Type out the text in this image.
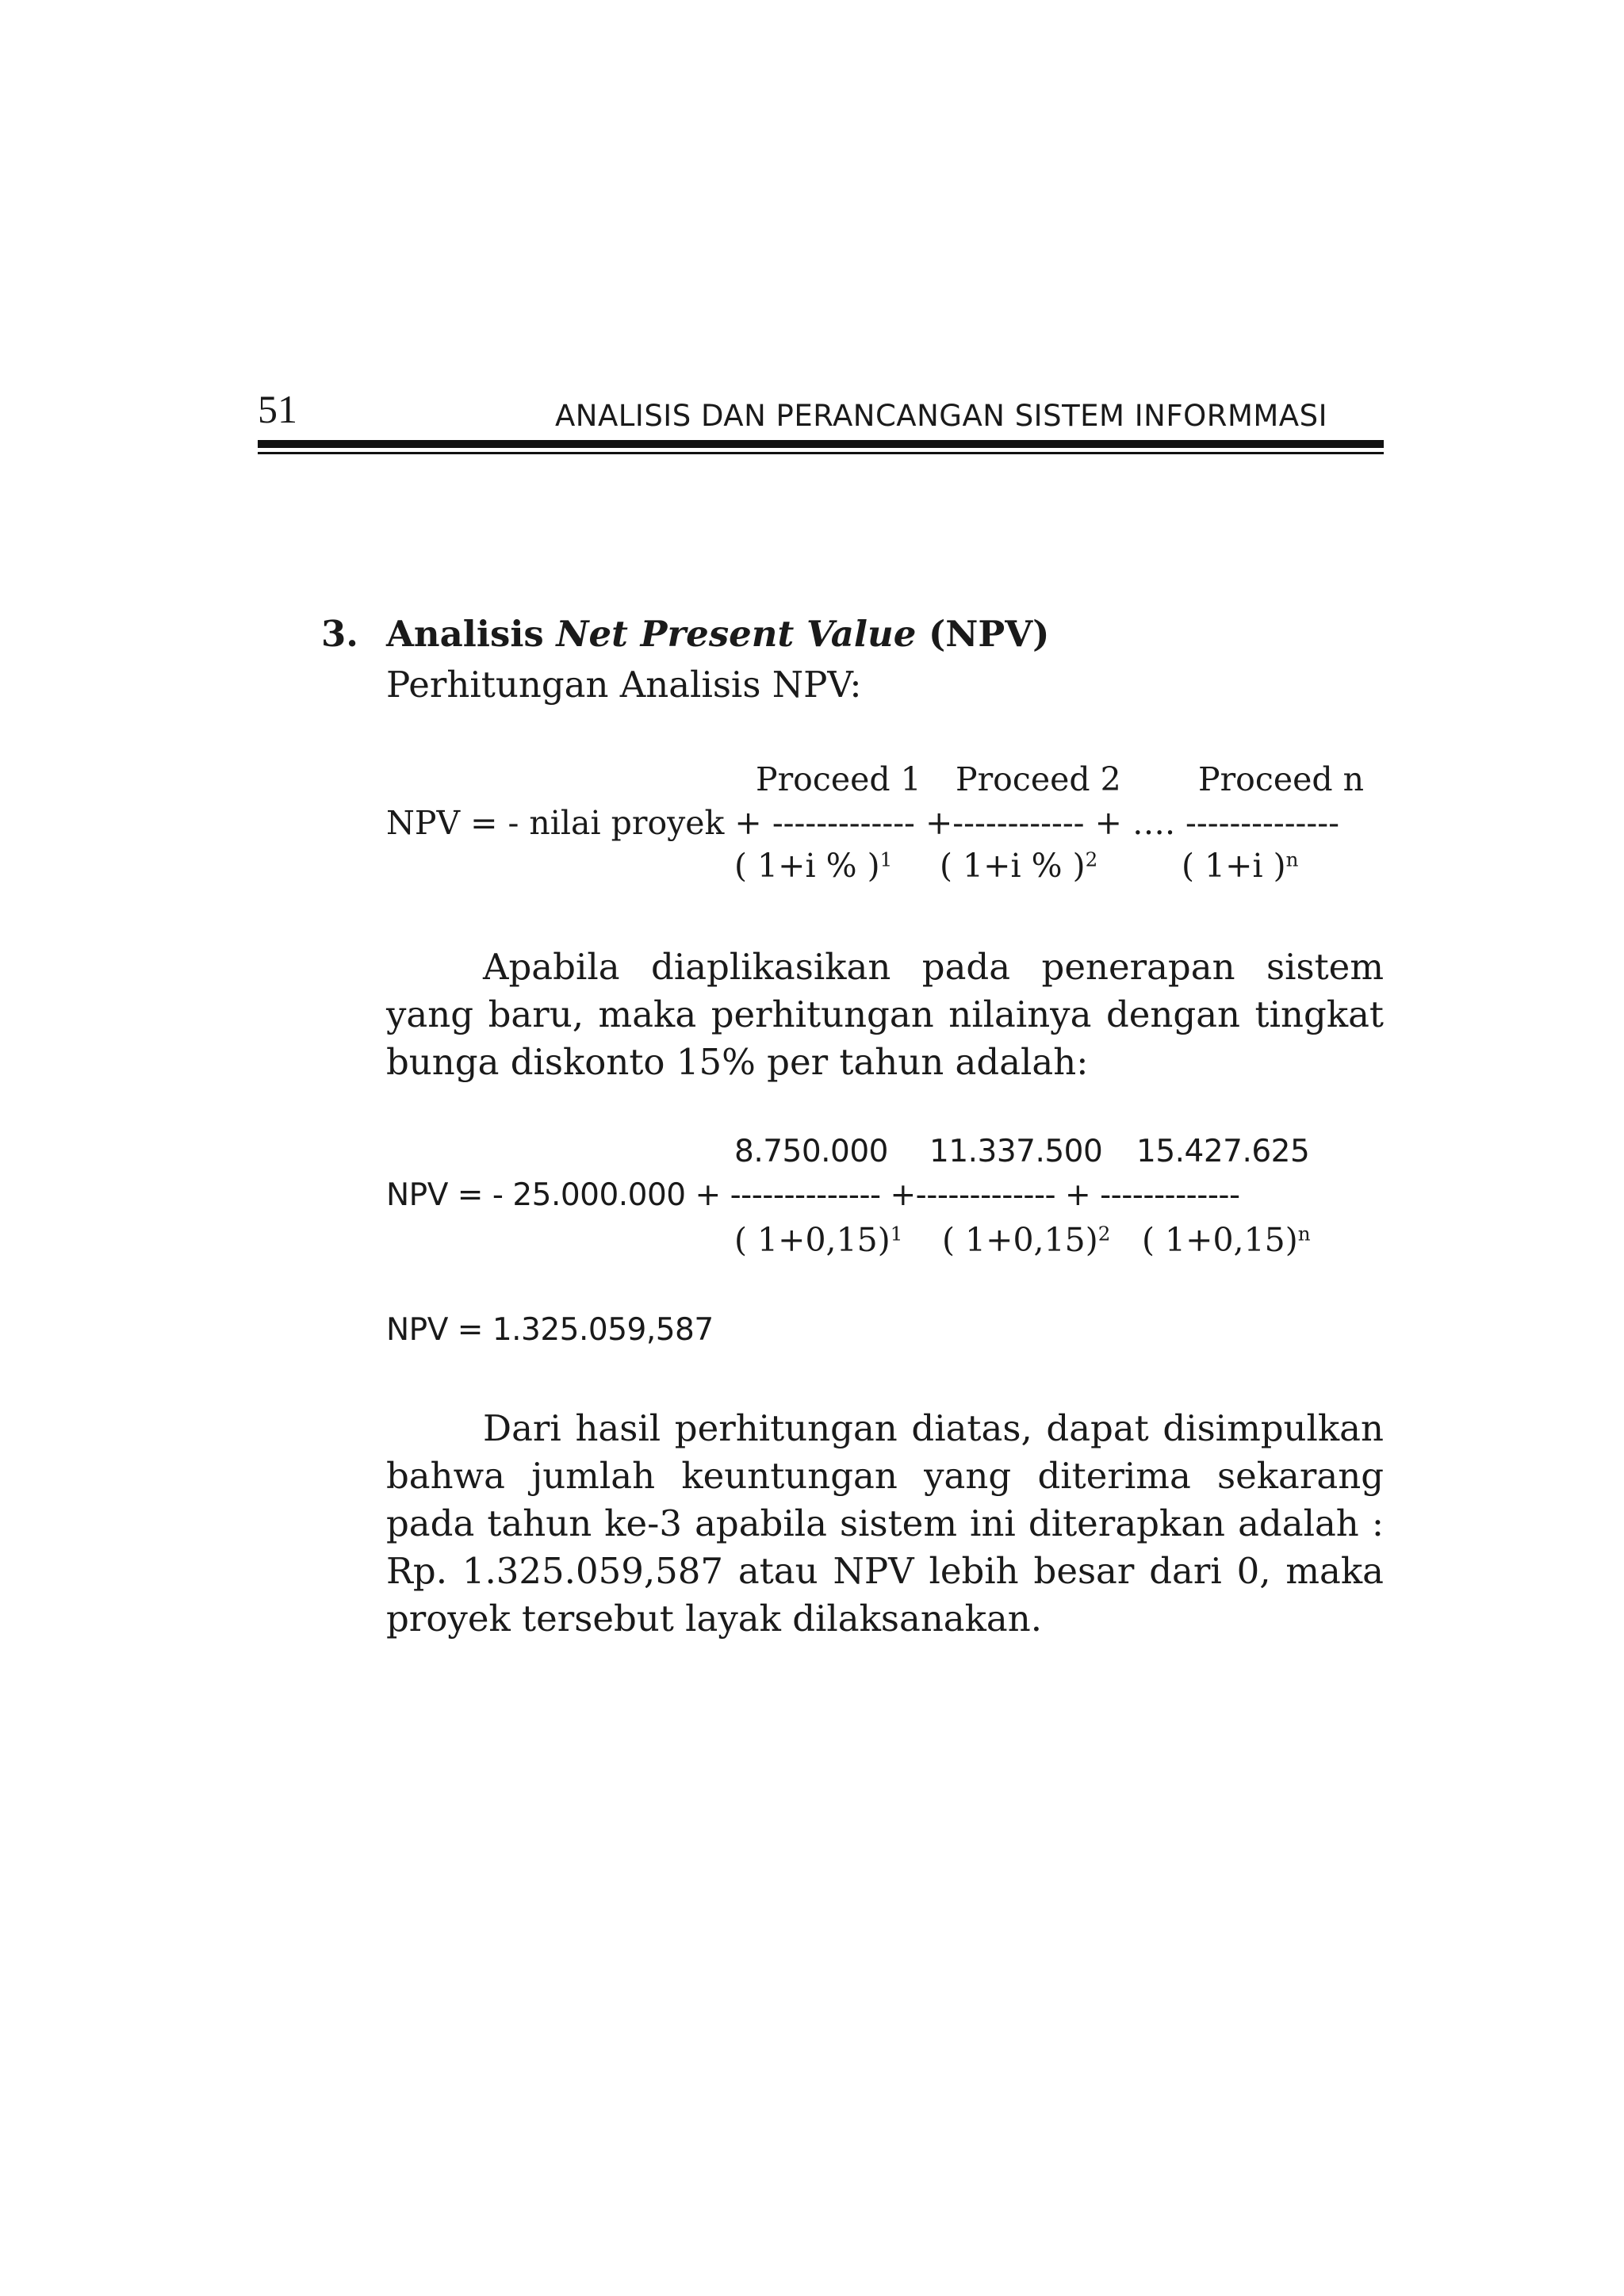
51	ANALISIS DAN PERANCANGAN SISTEM INFORMMASI
3. Analisis Net Present Value (NPV)
Perhitungan Analisis NPV:
Proceed 1 Proceed 2 Proceed n
NPV = - nilai proyek + ------------- +------------ + …. --------------
( 1+i % )$^1$ ( 1+i % )$^2$	( 1+i )$^n$

Apabila diaplikasikan pada penerapan sistem yang baru, maka perhitungan nilainya dengan tingkat bunga diskonto 15% per tahun adalah:

8.750.000 11.337.500 15.427.625
NPV = - 25.000.000 + -------------- +------------- + -------------
( 1+0,15)$^1$ ( 1+0,15)$^2$ ( 1+0,15)$^n$
NPV = 1.325.059,587

Dari hasil perhitungan diatas, dapat disimpulkan bahwa jumlah keuntungan yang diterima sekarang pada tahun ke-3 apabila sistem ini diterapkan adalah : Rp. 1.325.059,587 atau NPV lebih besar dari 0, maka proyek tersebut layak dilaksanakan.
